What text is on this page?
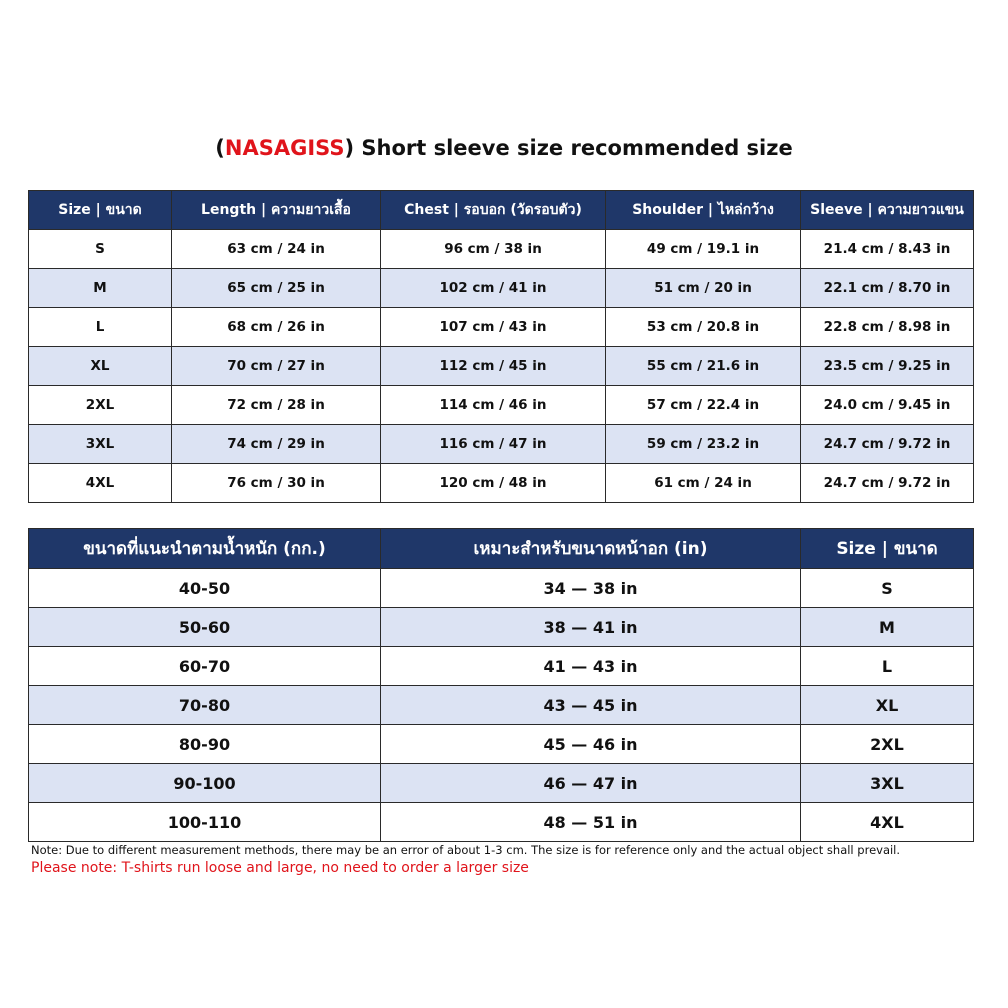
(NASAGISS) Short sleeve size recommended size
Size | ขนาด	Length | ความยาวเสื้อ	Chest | รอบอก (วัดรอบตัว)	Shoulder | ไหล่กว้าง	Sleeve | ความยาวแขน
S	63 cm / 24 in	96 cm / 38 in	49 cm / 19.1 in	21.4 cm / 8.43 in
M	65 cm / 25 in	102 cm / 41 in	51 cm / 20 in	22.1 cm / 8.70 in
L	68 cm / 26 in	107 cm / 43 in	53 cm / 20.8 in	22.8 cm / 8.98 in
XL	70 cm / 27 in	112 cm / 45 in	55 cm / 21.6 in	23.5 cm / 9.25 in
2XL	72 cm / 28 in	114 cm / 46 in	57 cm / 22.4 in	24.0 cm / 9.45 in
3XL	74 cm / 29 in	116 cm / 47 in	59 cm / 23.2 in	24.7 cm / 9.72 in
4XL	76 cm / 30 in	120 cm / 48 in	61 cm / 24 in	24.7 cm / 9.72 in
ขนาดที่แนะนำตามน้ำหนัก (กก.)	เหมาะสำหรับขนาดหน้าอก (in)	Size | ขนาด
40-50	34 — 38 in	S
50-60	38 — 41 in	M
60-70	41 — 43 in	L
70-80	43 — 45 in	XL
80-90	45 — 46 in	2XL
90-100	46 — 47 in	3XL
100-110	48 — 51 in	4XL
Note: Due to different measurement methods, there may be an error of about 1-3 cm. The size is for reference only and the actual object shall prevail.
Please note: T-shirts run loose and large, no need to order a larger size
